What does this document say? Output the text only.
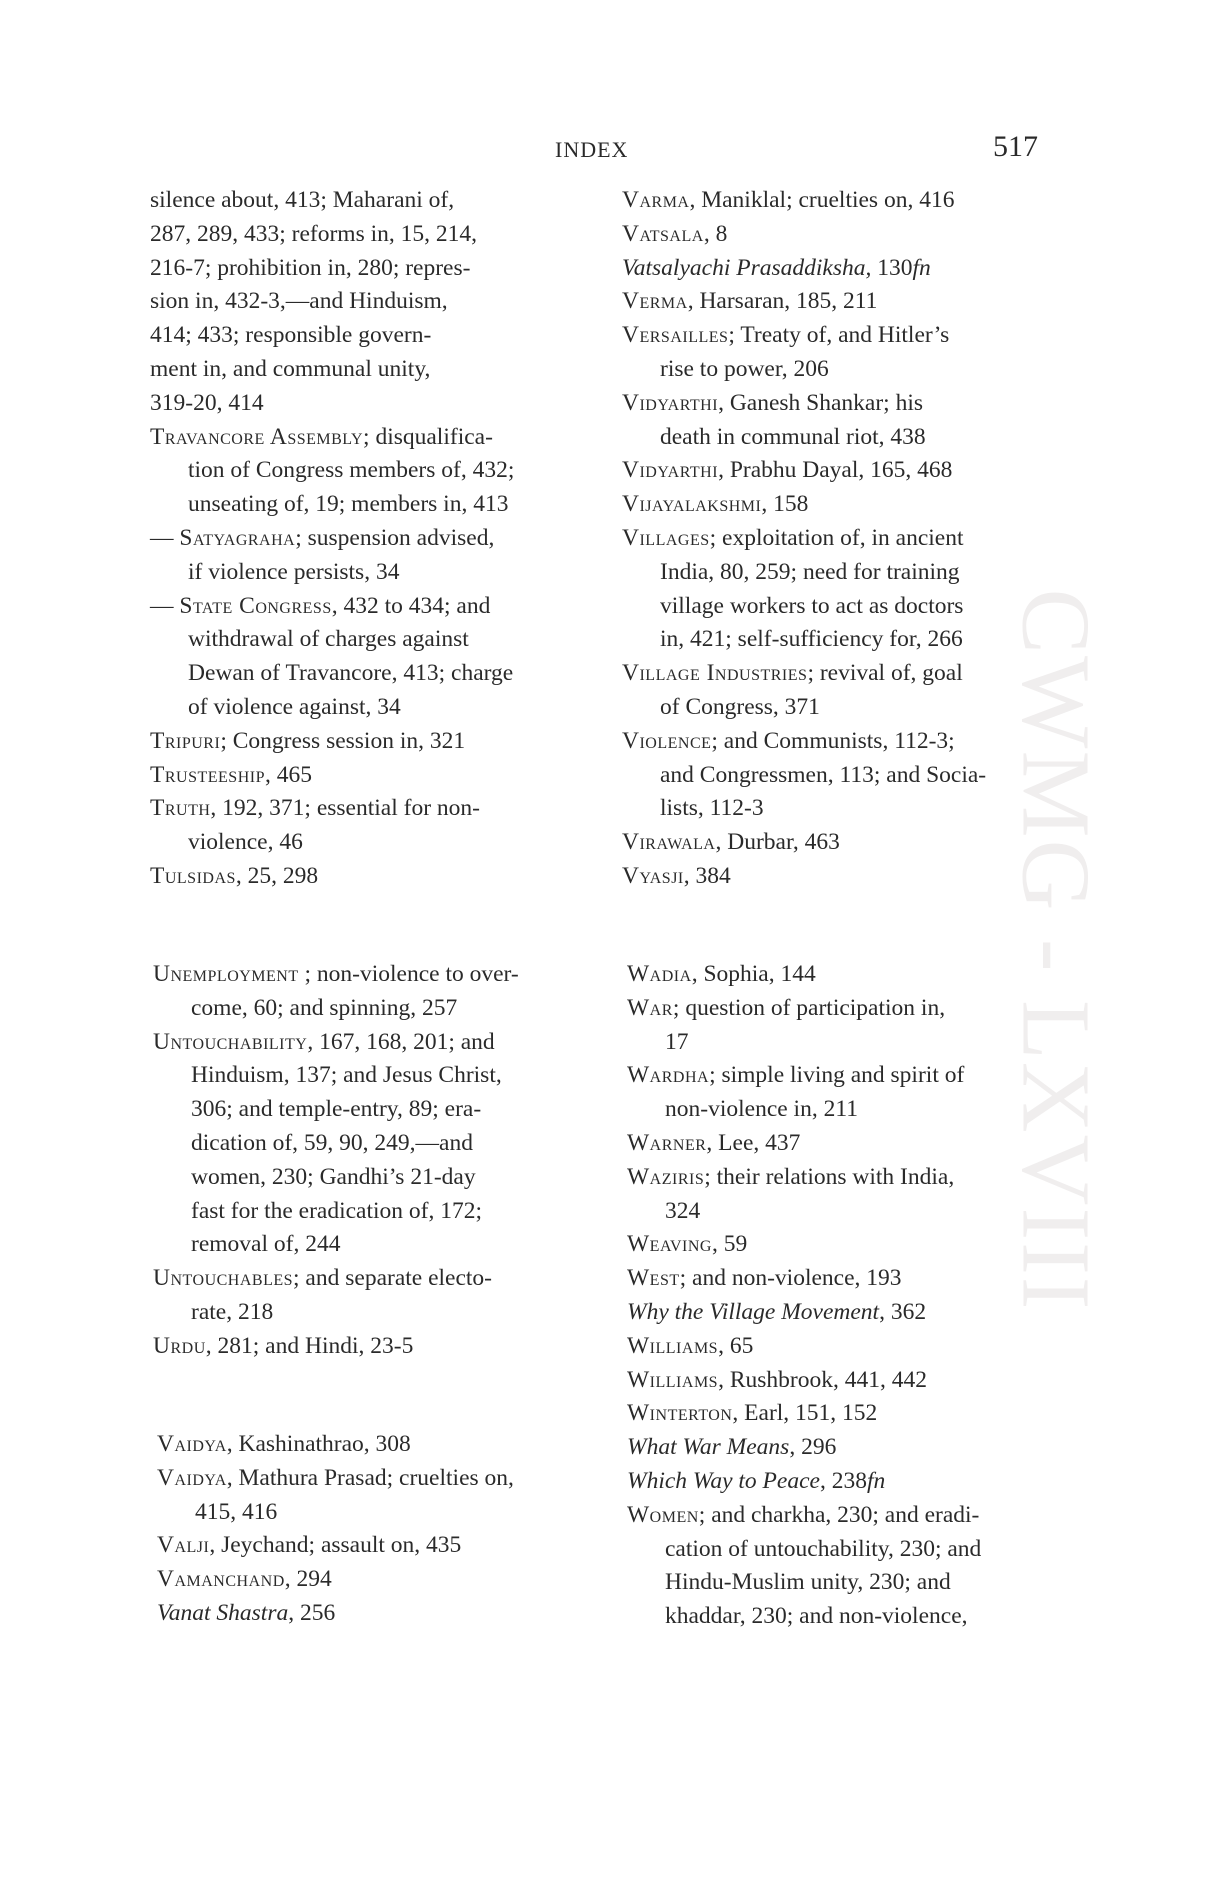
INDEX	517
CWMG - LXVIII
silence about, 413; Maharani of,
287, 289, 433; reforms in, 15, 214,
216-7; prohibition in, 280; repres-
sion in, 432-3,—and Hinduism,
414; 433; responsible govern-
ment in, and communal unity,
319-20, 414
Travancore Assembly; disqualifica-
tion of Congress members of, 432;
unseating of, 19; members in, 413
— Satyagraha; suspension advised,
if violence persists, 34
— State Congress, 432 to 434; and
withdrawal of charges against
Dewan of Travancore, 413; charge
of violence against, 34
Tripuri; Congress session in, 321
Trusteeship, 465
Truth, 192, 371; essential for non-
violence, 46
Tulsidas, 25, 298
Unemployment ; non-violence to over-
come, 60; and spinning, 257
Untouchability, 167, 168, 201; and
Hinduism, 137; and Jesus Christ,
306; and temple-entry, 89; era-
dication of, 59, 90, 249,—and
women, 230; Gandhi’s 21-day
fast for the eradication of, 172;
removal of, 244
Untouchables; and separate electo-
rate, 218
Urdu, 281; and Hindi, 23-5
Vaidya, Kashinathrao, 308
Vaidya, Mathura Prasad; cruelties on,
415, 416
Valji, Jeychand; assault on, 435
Vamanchand, 294
Vanat Shastra, 256
Varma, Maniklal; cruelties on, 416
Vatsala, 8
Vatsalyachi Prasaddiksha, 130fn
Verma, Harsaran, 185, 211
Versailles; Treaty of, and Hitler’s
rise to power, 206
Vidyarthi, Ganesh Shankar; his
death in communal riot, 438
Vidyarthi, Prabhu Dayal, 165, 468
Vijayalakshmi, 158
Villages; exploitation of, in ancient
India, 80, 259; need for training
village workers to act as doctors
in, 421; self-sufficiency for, 266
Village Industries; revival of, goal
of Congress, 371
Violence; and Communists, 112-3;
and Congressmen, 113; and Socia-
lists, 112-3
Virawala, Durbar, 463
Vyasji, 384
Wadia, Sophia, 144
War; question of participation in,
17
Wardha; simple living and spirit of
non-violence in, 211
Warner, Lee, 437
Waziris; their relations with India,
324
Weaving, 59
West; and non-violence, 193
Why the Village Movement, 362
Williams, 65
Williams, Rushbrook, 441, 442
Winterton, Earl, 151, 152
What War Means, 296
Which Way to Peace, 238fn
Women; and charkha, 230; and eradi-
cation of untouchability, 230; and
Hindu-Muslim unity, 230; and
khaddar, 230; and non-violence,
